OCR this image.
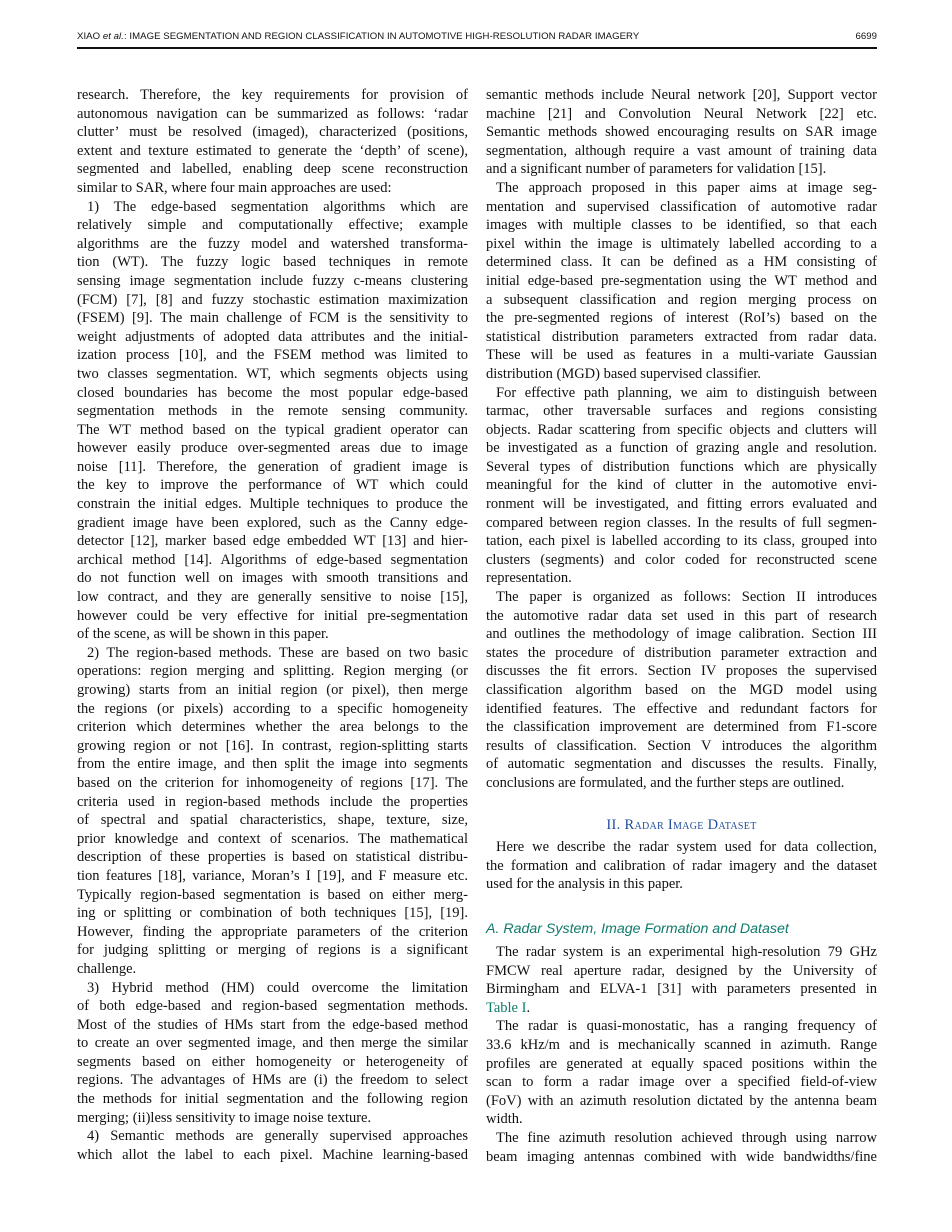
XIAO et al.: IMAGE SEGMENTATION AND REGION CLASSIFICATION IN AUTOMOTIVE HIGH-RESOLUTION RADAR IMAGERY	6699
research. Therefore, the key requirements for provision of
autonomous navigation can be summarized as follows: ‘radar
clutter’ must be resolved (imaged), characterized (positions,
extent and texture estimated to generate the ‘depth’ of scene),
segmented and labelled, enabling deep scene reconstruction
similar to SAR, where four main approaches are used:
1) The edge-based segmentation algorithms which are
relatively simple and computationally effective; example
algorithms are the fuzzy model and watershed transforma-
tion (WT). The fuzzy logic based techniques in remote
sensing image segmentation include fuzzy c-means clustering
(FCM) [7], [8] and fuzzy stochastic estimation maximization
(FSEM) [9]. The main challenge of FCM is the sensitivity to
weight adjustments of adopted data attributes and the initial-
ization process [10], and the FSEM method was limited to
two classes segmentation. WT, which segments objects using
closed boundaries has become the most popular edge-based
segmentation methods in the remote sensing community.
The WT method based on the typical gradient operator can
however easily produce over-segmented areas due to image
noise [11]. Therefore, the generation of gradient image is
the key to improve the performance of WT which could
constrain the initial edges. Multiple techniques to produce the
gradient image have been explored, such as the Canny edge-
detector [12], marker based edge embedded WT [13] and hier-
archical method [14]. Algorithms of edge-based segmentation
do not function well on images with smooth transitions and
low contract, and they are generally sensitive to noise [15],
however could be very effective for initial pre-segmentation
of the scene, as will be shown in this paper.
2) The region-based methods. These are based on two basic
operations: region merging and splitting. Region merging (or
growing) starts from an initial region (or pixel), then merge
the regions (or pixels) according to a specific homogeneity
criterion which determines whether the area belongs to the
growing region or not [16]. In contrast, region-splitting starts
from the entire image, and then split the image into segments
based on the criterion for inhomogeneity of regions [17]. The
criteria used in region-based methods include the properties
of spectral and spatial characteristics, shape, texture, size,
prior knowledge and context of scenarios. The mathematical
description of these properties is based on statistical distribu-
tion features [18], variance, Moran’s I [19], and F measure etc.
Typically region-based segmentation is based on either merg-
ing or splitting or combination of both techniques [15], [19].
However, finding the appropriate parameters of the criterion
for judging splitting or merging of regions is a significant
challenge.
3) Hybrid method (HM) could overcome the limitation
of both edge-based and region-based segmentation methods.
Most of the studies of HMs start from the edge-based method
to create an over segmented image, and then merge the similar
segments based on either homogeneity or heterogeneity of
regions. The advantages of HMs are (i) the freedom to select
the methods for initial segmentation and the following region
merging; (ii)less sensitivity to image noise texture.
4) Semantic methods are generally supervised approaches
which allot the label to each pixel. Machine learning-based
semantic methods include Neural network [20], Support vector
machine [21] and Convolution Neural Network [22] etc.
Semantic methods showed encouraging results on SAR image
segmentation, although require a vast amount of training data
and a significant number of parameters for validation [15].
The approach proposed in this paper aims at image seg-
mentation and supervised classification of automotive radar
images with multiple classes to be identified, so that each
pixel within the image is ultimately labelled according to a
determined class. It can be defined as a HM consisting of
initial edge-based pre-segmentation using the WT method and
a subsequent classification and region merging process on
the pre-segmented regions of interest (RoI’s) based on the
statistical distribution parameters extracted from radar data.
These will be used as features in a multi-variate Gaussian
distribution (MGD) based supervised classifier.
For effective path planning, we aim to distinguish between
tarmac, other traversable surfaces and regions consisting
objects. Radar scattering from specific objects and clutters will
be investigated as a function of grazing angle and resolution.
Several types of distribution functions which are physically
meaningful for the kind of clutter in the automotive envi-
ronment will be investigated, and fitting errors evaluated and
compared between region classes. In the results of full segmen-
tation, each pixel is labelled according to its class, grouped into
clusters (segments) and color coded for reconstructed scene
representation.
The paper is organized as follows: Section II introduces
the automotive radar data set used in this part of research
and outlines the methodology of image calibration. Section III
states the procedure of distribution parameter extraction and
discusses the fit errors. Section IV proposes the supervised
classification algorithm based on the MGD model using
identified features. The effective and redundant factors for
the classification improvement are determined from F1-score
results of classification. Section V introduces the algorithm
of automatic segmentation and discusses the results. Finally,
conclusions are formulated, and the further steps are outlined.
II. Radar Image Dataset
Here we describe the radar system used for data collection,
the formation and calibration of radar imagery and the dataset
used for the analysis in this paper.
A. Radar System, Image Formation and Dataset
The radar system is an experimental high-resolution 79 GHz
FMCW real aperture radar, designed by the University of
Birmingham and ELVA-1 [31] with parameters presented in
Table I.
The radar is quasi-monostatic, has a ranging frequency of
33.6 kHz/m and is mechanically scanned in azimuth. Range
profiles are generated at equally spaced positions within the
scan to form a radar image over a specified field-of-view
(FoV) with an azimuth resolution dictated by the antenna beam
width.
The fine azimuth resolution achieved through using narrow
beam imaging antennas combined with wide bandwidths/fine
